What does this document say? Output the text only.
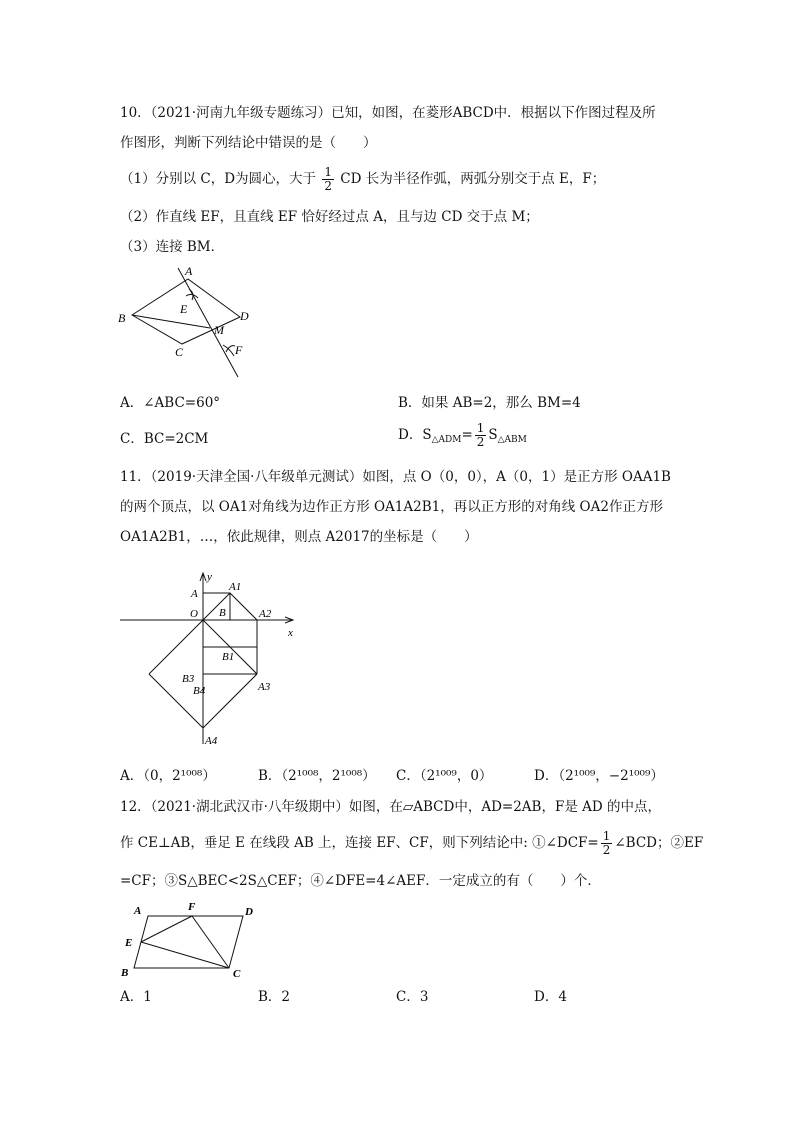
10．（2021·河南九年级专题练习）已知，如图，在菱形ABCD中．根据以下作图过程及所
作图形，判断下列结论中错误的是（　　）
（1）分别以 C，D为圆心，大于 $\frac{1}{2}$ CD 长为半径作弧，两弧分别交于点 E，F；
（2）作直线 EF，且直线 EF 恰好经过点 A，且与边 CD 交于点 M；
（3）连接 BM．
A
B
C
D
E
F
M
A．∠ABC=60°	B．如果 AB=2，那么 BM=4
C．BC=2CM	D．$S_{\triangle ADM}= \frac{1}{2} S_{\triangle ABM}$
11．（2019·天津全国·八年级单元测试）如图，点 O（0，0），A（0，1）是正方形 OAA1B
的两个顶点，以 OA1对角线为边作正方形 OA1A2B1，再以正方形的对角线 OA2作正方形
OA1A2B1，…，依此规律，则点 A2017的坐标是（　　）
y
x
A
A1
O B	A2
B1
B3
B4	A3
A4
A．（0，2¹⁰⁰⁸）	B．（2¹⁰⁰⁸，2¹⁰⁰⁸） C．（2¹⁰⁰⁹，0）	D．（2¹⁰⁰⁹，−2¹⁰⁰⁹）
12．（2021·湖北武汉市·八年级期中）如图，在▱ABCD中，AD=2AB，F是 AD 的中点，
作 CE⊥AB，垂足 E 在线段 AB 上，连接 EF、CF，则下列结论中: ①∠DCF= $\frac{1}{2}$ ∠BCD；②EF
=CF；③S△BEC<2S△CEF；④∠DFE=4∠AEF．一定成立的有（　　）个．
A	F	D
E
B	C
A．1	B．2	C．3	D．4
